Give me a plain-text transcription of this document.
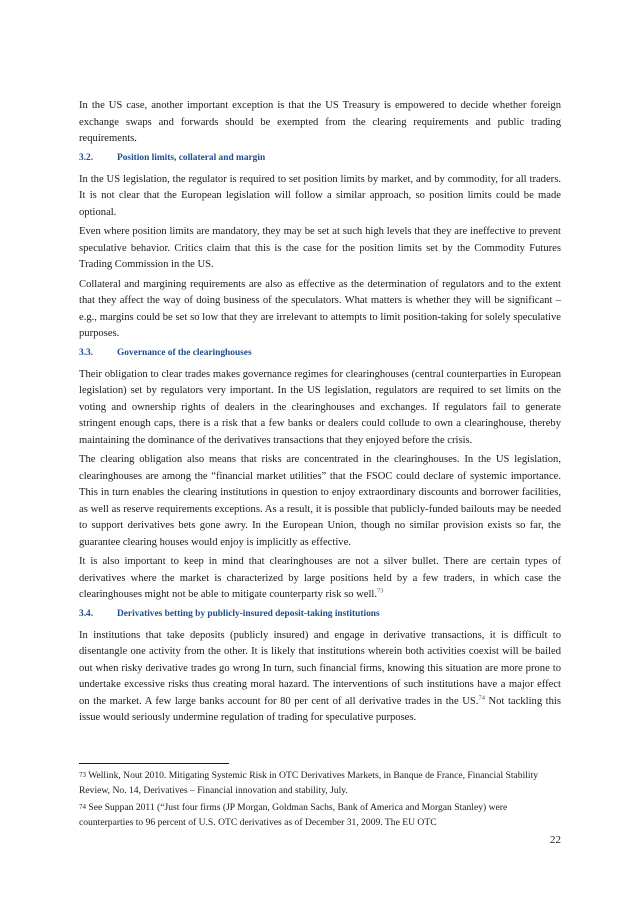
In the US case, another important exception is that the US Treasury is empowered to decide whether foreign exchange swaps and forwards should be exempted from the clearing requirements and public trading requirements.

3.2.	Position limits, collateral and margin

In the US legislation, the regulator is required to set position limits by market, and by commodity, for all traders. It is not clear that the European legislation will follow a similar approach, so position limits could be made optional.

Even where position limits are mandatory, they may be set at such high levels that they are ineffective to prevent speculative behavior. Critics claim that this is the case for the position limits set by the Commodity Futures Trading Commission in the US.

Collateral and margining requirements are also as effective as the determination of regulators and to the extent that they affect the way of doing business of the speculators. What matters is whether they will be significant – e.g., margins could be set so low that they are irrelevant to attempts to limit position-taking for solely speculative purposes.

3.3.	Governance of the clearinghouses

Their obligation to clear trades makes governance regimes for clearinghouses (central counterparties in European legislation) set by regulators very important. In the US legislation, regulators are required to set limits on the voting and ownership rights of dealers in the clearinghouses and exchanges. If regulators fail to generate stringent enough caps, there is a risk that a few banks or dealers could collude to own a clearinghouse, thereby maintaining the dominance of the derivatives transactions that they enjoyed before the crisis.

The clearing obligation also means that risks are concentrated in the clearinghouses. In the US legislation, clearinghouses are among the “financial market utilities” that the FSOC could declare of systemic importance. This in turn enables the clearing institutions in question to enjoy extraordinary discounts and borrower facilities, as well as reserve requirements exceptions. As a result, it is possible that publicly-funded bailouts may be needed to support derivatives bets gone awry. In the European Union, though no similar provision exists so far, the guarantee clearing houses would enjoy is implicitly as effective.

It is also important to keep in mind that clearinghouses are not a silver bullet. There are certain types of derivatives where the market is characterized by large positions held by a few traders, in which case the clearinghouses might not be able to mitigate counterparty risk so well.$^{73}$

3.4.	Derivatives betting by publicly-insured deposit-taking institutions

In institutions that take deposits (publicly insured) and engage in derivative transactions, it is difficult to disentangle one activity from the other. It is likely that institutions wherein both activities coexist will be bailed out when risky derivative trades go wrong In turn, such financial firms, knowing this situation are more prone to undertake excessive risks thus creating moral hazard. The interventions of such institutions have a major effect on the market. A few large banks account for 80 per cent of all derivative trades in the US.$^{74}$ Not tackling this issue would seriously undermine regulation of trading for speculative purposes.

$^{73}$ Wellink, Nout 2010. Mitigating Systemic Risk in OTC Derivatives Markets, in Banque de France, Financial Stability Review, No. 14, Derivatives – Financial innovation and stability, July.

$^{74}$ See Suppan 2011 (“Just four firms (JP Morgan, Goldman Sachs, Bank of America and Morgan Stanley) were counterparties to 96 percent of U.S. OTC derivatives as of December 31, 2009. The EU OTC

22
